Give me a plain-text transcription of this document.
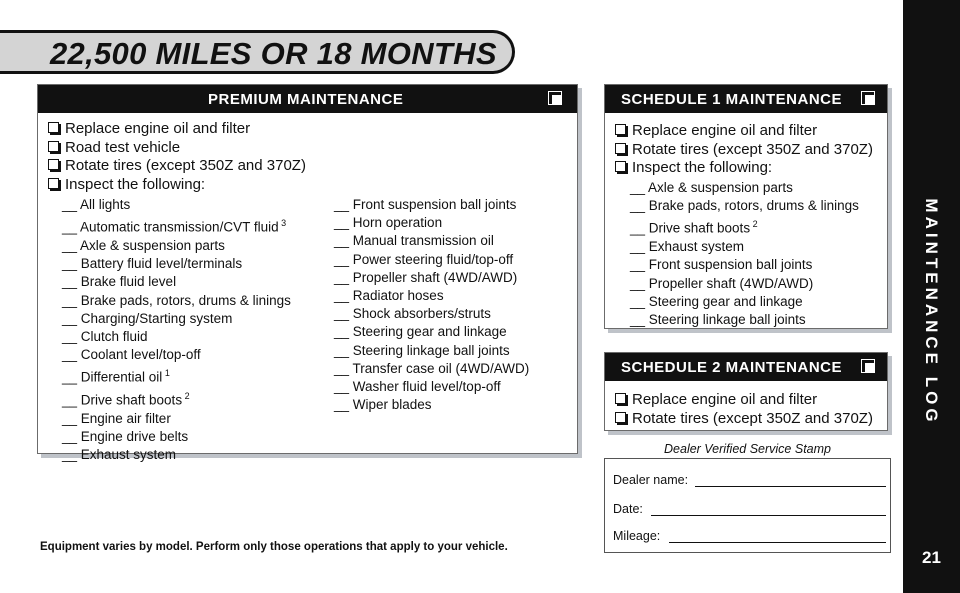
22,500 MILES OR 18 MONTHS
MAINTENANCE LOG
21
PREMIUM MAINTENANCE
Replace engine oil and filter
Road test vehicle
Rotate tires (except 350Z and 370Z)
Inspect the following:
__ All lights
__ Automatic transmission/CVT fluid $^3$
__ Axle & suspension parts
__ Battery fluid level/terminals
__ Brake fluid level
__ Brake pads, rotors, drums & linings
__ Charging/Starting system
__ Clutch fluid
__ Coolant level/top-off
__ Differential oil $^1$
__ Drive shaft boots $^2$
__ Engine air filter
__ Engine drive belts
__ Exhaust system
__ Front suspension ball joints
__ Horn operation
__ Manual transmission oil
__ Power steering fluid/top-off
__ Propeller shaft (4WD/AWD)
__ Radiator hoses
__ Shock absorbers/struts
__ Steering gear and linkage
__ Steering linkage ball joints
__ Transfer case oil (4WD/AWD)
__ Washer fluid level/top-off
__ Wiper blades
SCHEDULE 1 MAINTENANCE
Replace engine oil and filter
Rotate tires (except 350Z and 370Z)
Inspect the following:
__ Axle & suspension parts
__ Brake pads, rotors, drums & linings
__ Drive shaft boots $^2$
__ Exhaust system
__ Front suspension ball joints
__ Propeller shaft (4WD/AWD)
__ Steering gear and linkage
__ Steering linkage ball joints
SCHEDULE 2 MAINTENANCE
Replace engine oil and filter
Rotate tires (except 350Z and 370Z)
Dealer Verified Service Stamp
Dealer name:
Date:
Mileage:
Equipment varies by model. Perform only those operations that apply to your vehicle.
